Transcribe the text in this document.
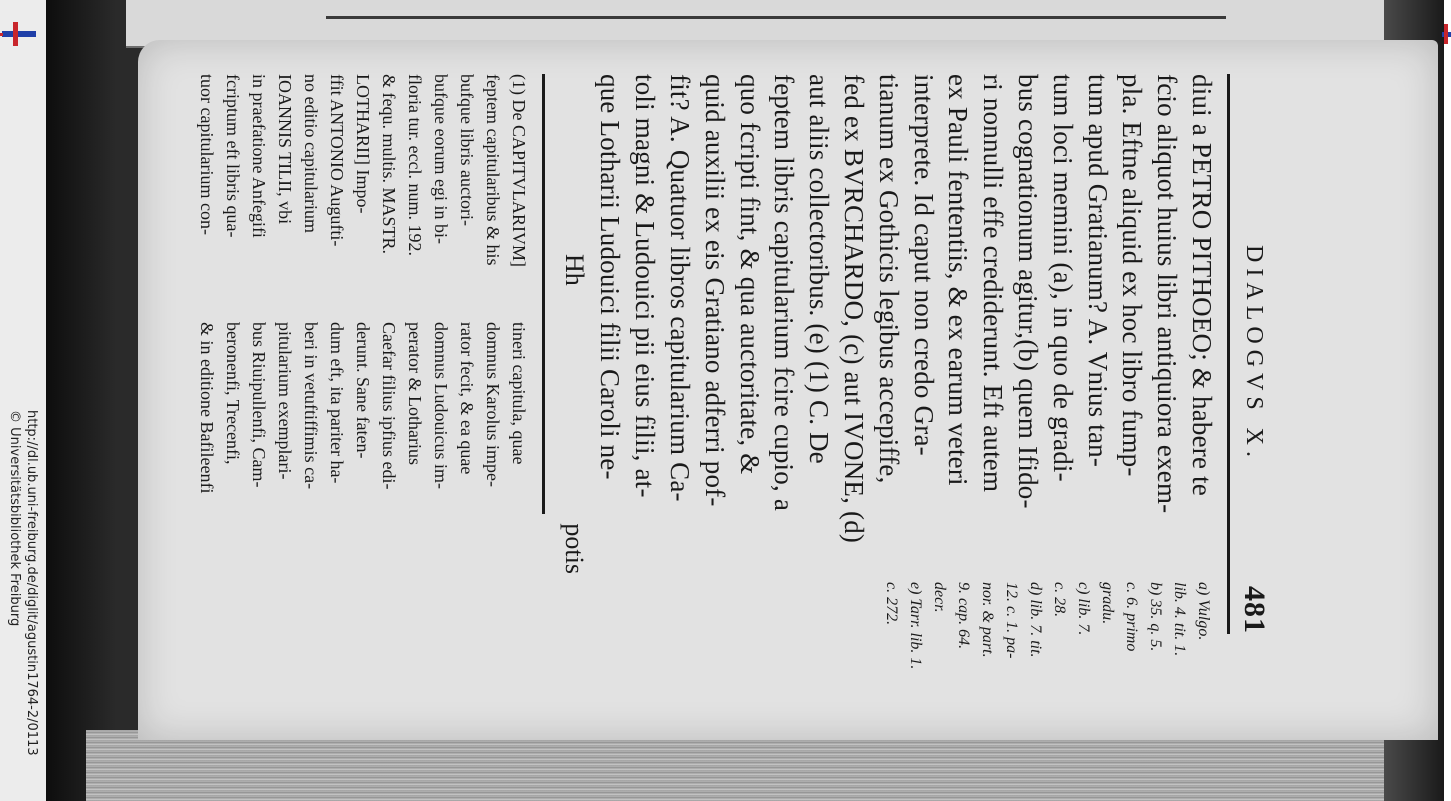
http://dl.ub.uni-freiburg.de/diglit/agustin1764-2/0113
© Universitätsbibliothek Freiburg
DIALOGVS X.
481
diui a PETRO PITHOEO; & habere te
fcio aliquot huius libri antiquiora exem-
pla. Eftne aliquid ex hoc libro fump-
tum apud Gratianum? A. Vnius tan-
tum loci memini (a), in quo de gradi-
bus cognationum agitur,(b) quem Ifido-
ri nonnulli effe crediderunt. Eft autem
ex Pauli fententiis, & ex earum veteri
interprete. Id caput non credo Gra-
tianum ex Gothicis legibus accepiffe,
fed ex BVRCHARDO, (c) aut IVONE, (d)
aut aliis collectoribus. (e) (1) C. De
feptem libris capitularium fcire cupio, a
quo fcripti fint, & qua auctoritate, &
quid auxilii ex eis Gratiano adferri pof-
fit? A. Quatuor libros capitularium Ca-
toli magni & Ludouici pii eius filii, at-
que Lotharii Ludouici filii Caroli ne-
a) Vulgo.
lib. 4. tit. 1.
b) 35. q. 5.
c. 6. primo
gradu.
c) lib. 7.
c. 28.
d) lib. 7. tit.
12. c. 1. pa-
nor. & part.
9. cap. 64.
decr.
e) Tarr. lib. 1.
c. 272.
Hh
potis
(1) De CAPITVLARIVM]
feptem capitularibus & his
bufque libris auctori-
bufque eorum egi in bi-
floria tur. eccl. num. 192.
& fequ. multis. MASTR.
LOTHARII] Impo-
ffit ANTONIO Augufti-
no editio capitularium
IOANNIS TILII, vbi
in praefatione Anfegifi
fcriptum eft libris qua-
tuor capitularium con-
tineri capitula, quae
domnus Karolus impe-
rator fecit, & ea quae
domnus Ludouicus im-
perator & Lotharius
Caefar filius ipfius edi-
derunt. Sane faten-
dum eft, ita pariter ha-
beri in vetuftiffimis ca-
pitularium exemplari-
bus Riuipullenfi, Cam-
beronenfi, Trecenfi,
& in editione Bafileenfi
